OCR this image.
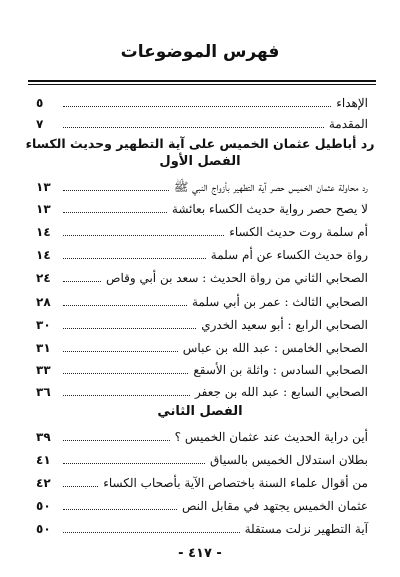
فهرس الموضوعات
الإهداء
٥
المقدمة
٧
رد أباطيل عثمان الخميس على آية التطهير وحديث الكساء
الفصل الأول
رد محاولة عثمان الخميس حصر آية التطهير بأزواج النبي ﷺ
١٣
لا يصح حصر رواية حديث الكساء بعائشة
١٣
أم سلمة روت حديث الكساء
١٤
رواة حديث الكساء عن أم سلمة
١٤
الصحابي الثاني من رواة الحديث : سعد بن أبي وقاص
٢٤
الصحابي الثالث : عمر بن أبي سلمة
٢٨
الصحابي الرابع : أبو سعيد الخدري
٣٠
الصحابي الخامس : عبد الله بن عباس
٣١
الصحابي السادس : واثلة بن الأسقع
٣٣
الصحابي السابع : عبد الله بن جعفر
٣٦
الفصل الثاني
أين دراية الحديث عند عثمان الخميس ؟
٣٩
بطلان استدلال الخميس بالسياق
٤١
من أقوال علماء السنة باختصاص الآية بأصحاب الكساء
٤٢
عثمان الخميس يجتهد في مقابل النص
٥٠
آية التطهير نزلت مستقلة
٥٠
- ٤١٧ -
